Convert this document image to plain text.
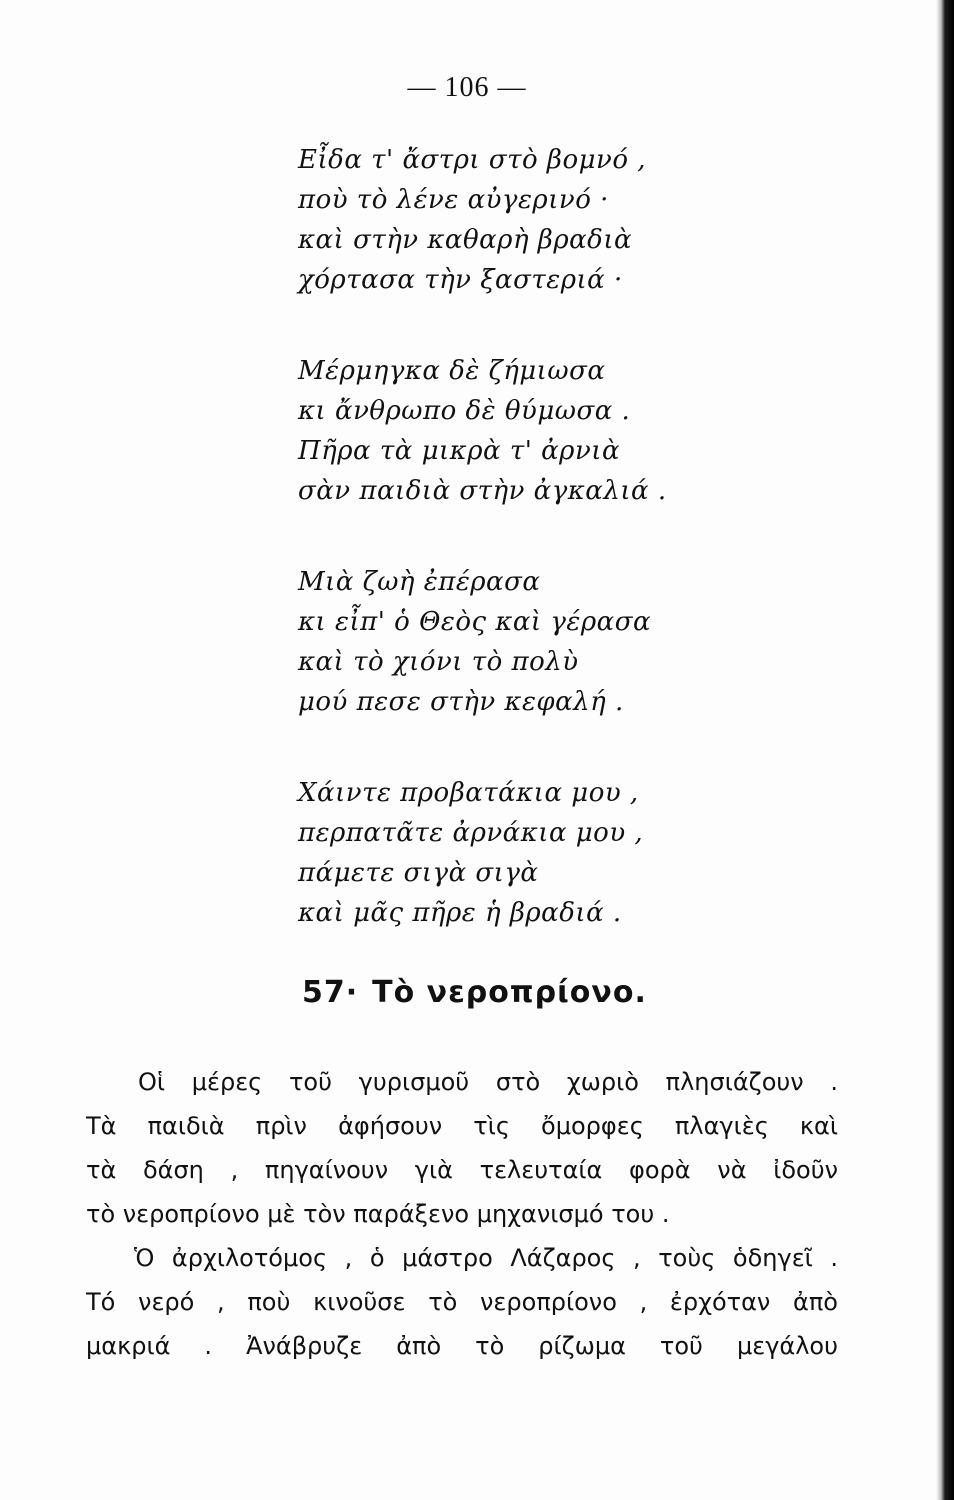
— 106 —
Εἶδα τ' ἄστρι στὸ βομνό ,
ποὺ τὸ λένε αὐγερινό ·
καὶ στὴν καθαρὴ βραδιὰ
χόρτασα τὴν ξαστεριά ·
Μέρμηγκα δὲ ζήμιωσα
κι ἄνθρωπο δὲ θύμωσα .
Πῆρα τὰ μικρὰ τ' ἀρνιὰ
σὰν παιδιὰ στὴν ἀγκαλιά .
Μιὰ ζωὴ ἐπέρασα
κι εἶπ' ὁ Θεὸς καὶ γέρασα
καὶ τὸ χιόνι τὸ πολὺ
μού πεσε στὴν κεφαλή .
Χάιντε προβατάκια μου ,
περπατᾶτε ἀρνάκια μου ,
πάμετε σιγὰ σιγὰ
καὶ μᾶς πῆρε ἡ βραδιά .
57· Τὸ νεροπρίονο.
Οἱ μέρες τοῦ γυρισμοῦ στὸ χωριὸ πλησιάζουν .
Τὰ παιδιὰ πρὶν ἀφήσουν τὶς ὄμορφες πλαγιὲς καὶ
τὰ δάση , πηγαίνουν γιὰ τελευταία φορὰ νὰ ἰδοῦν
τὸ νεροπρίονο μὲ τὸν παράξενο μηχανισμό του .
Ὁ ἀρχιλοτόμος , ὁ μάστρο Λάζαρος , τοὺς ὁδηγεῖ .
Τό νερό , ποὺ κινοῦσε τὸ νεροπρίονο , ἐρχόταν ἀπὸ
μακριά . Ἀνάβρυζε ἀπὸ τὸ ρίζωμα τοῦ μεγάλου
